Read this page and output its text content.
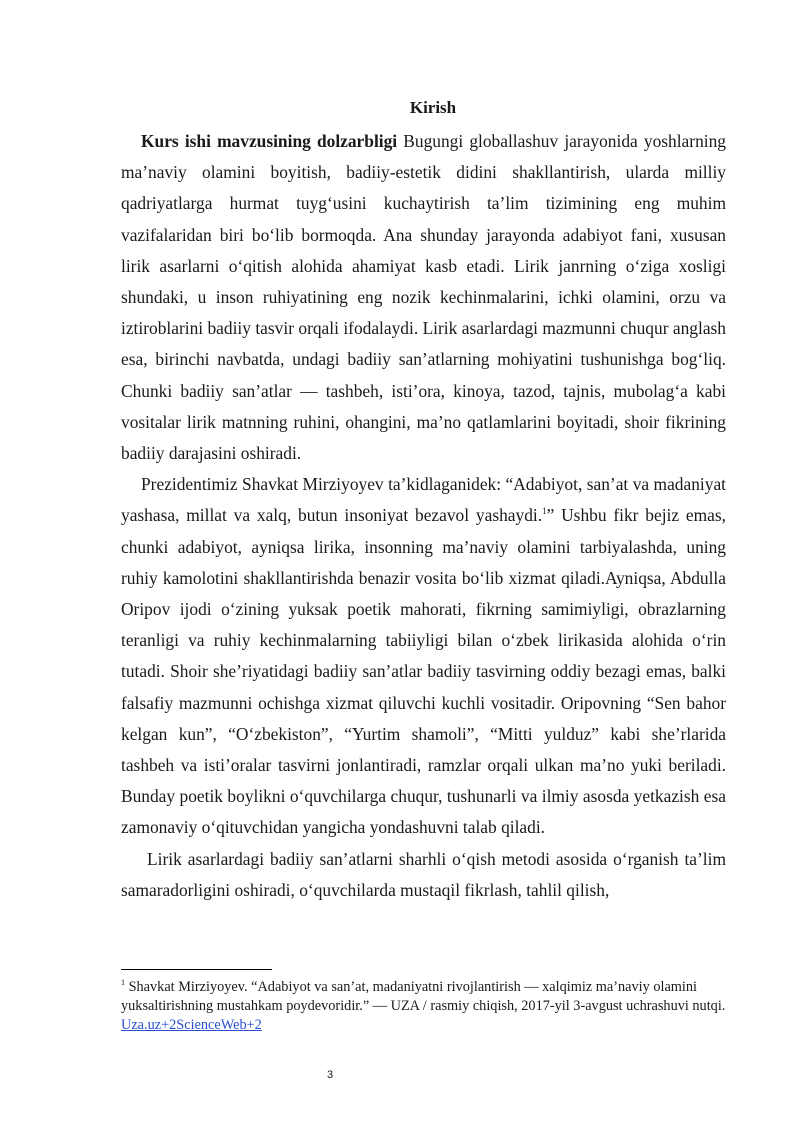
Kirish

Kurs ishi mavzusining dolzarbligi Bugungi globallashuv jarayonida yoshlarning ma’naviy olamini boyitish, badiiy-estetik didini shakllantirish, ularda milliy qadriyatlarga hurmat tuyg‘usini kuchaytirish ta’lim tizimining eng muhim vazifalaridan biri bo‘lib bormoqda. Ana shunday jarayonda adabiyot fani, xususan lirik asarlarni o‘qitish alohida ahamiyat kasb etadi. Lirik janrning o‘ziga xosligi shundaki, u inson ruhiyatining eng nozik kechinmalarini, ichki olamini, orzu va iztiroblarini badiiy tasvir orqali ifodalaydi. Lirik asarlardagi mazmunni chuqur anglash esa, birinchi navbatda, undagi badiiy san’atlarning mohiyatini tushunishga bog‘liq. Chunki badiiy san’atlar — tashbeh, isti’ora, kinoya, tazod, tajnis, mubolag‘a kabi vositalar lirik matnning ruhini, ohangini, ma’no qatlamlarini boyitadi, shoir fikrining badiiy darajasini oshiradi.

Prezidentimiz Shavkat Mirziyoyev ta’kidlaganidek: “Adabiyot, san’at va madaniyat yashasa, millat va xalq, butun insoniyat bezavol yashaydi.$^1$” Ushbu fikr bejiz emas, chunki adabiyot, ayniqsa lirika, insonning ma’naviy olamini tarbiyalashda, uning ruhiy kamolotini shakllantirishda benazir vosita bo‘lib xizmat qiladi.Ayniqsa, Abdulla Oripov ijodi o‘zining yuksak poetik mahorati, fikrning samimiyligi, obrazlarning teranligi va ruhiy kechinmalarning tabiiyligi bilan o‘zbek lirikasida alohida o‘rin tutadi. Shoir she’riyatidagi badiiy san’atlar badiiy tasvirning oddiy bezagi emas, balki falsafiy mazmunni ochishga xizmat qiluvchi kuchli vositadir. Oripovning “Sen bahor kelgan kun”, “O‘zbekiston”, “Yurtim shamoli”, “Mitti yulduz” kabi she’rlarida tashbeh va isti’oralar tasvirni jonlantiradi, ramzlar orqali ulkan ma’no yuki beriladi. Bunday poetik boylikni o‘quvchilarga chuqur, tushunarli va ilmiy asosda yetkazish esa zamonaviy o‘qituvchidan yangicha yondashuvni talab qiladi.

Lirik asarlardagi badiiy san’atlarni sharhli o‘qish metodi asosida o‘rganish ta’lim samaradorligini oshiradi, o‘quvchilarda mustaqil fikrlash, tahlil qilish,

$^1$ Shavkat Mirziyoyev. “Adabiyot va san’at, madaniyatni rivojlantirish — xalqimiz ma’naviy olamini yuksaltirishning mustahkam poydevoridir.” — UZA / rasmiy chiqish, 2017-yil 3-avgust uchrashuvi nutqi. Uza.uz+2ScienceWeb+2
3
